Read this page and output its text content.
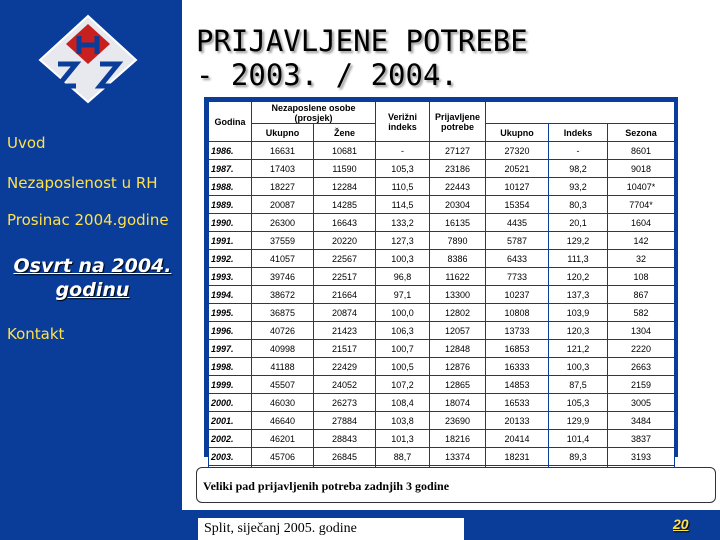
Uvod
Nezaposlenost u RH
Prosinac 2004.godine
Osvrt na 2004. godinu
Kontakt
PRIJAVLJENE POTREBE
- 2003. / 2004.
Godina	Nezaposlene osobe (prosjek)		Verižni indeks	Prijavljene potrebe			
	Ukupno	Žene			Ukupno	Indeks	Sezona
1986.	16631	10681	-	27127	27320	-	8601
1987.	17403	11590	105,3	23186	20521	98,2	9018
1988.	18227	12284	110,5	22443	10127	93,2	10407*
1989.	20087	14285	114,5	20304	15354	80,3	7704*
1990.	26300	16643	133,2	16135	4435	20,1	1604
1991.	37559	20220	127,3	7890	5787	129,2	142
1992.	41057	22567	100,3	8386	6433	111,3	32
1993.	39746	22517	96,8	11622	7733	120,2	108
1994.	38672	21664	97,1	13300	10237	137,3	867
1995.	36875	20874	100,0	12802	10808	103,9	582
1996.	40726	21423	106,3	12057	13733	120,3	1304
1997.	40998	21517	100,7	12848	16853	121,2	2220
1998.	41188	22429	100,5	12876	16333	100,3	2663
1999.	45507	24052	107,2	12865	14853	87,5	2159
2000.	46030	26273	108,4	18074	16533	105,3	3005
2001.	46640	27884	103,8	23690	20133	129,9	3484
2002.	46201	28843	101,3	18216	20414	101,4	3837
2003.	45706	26845	88,7	13374	18231	89,3	3193

Veliki pad prijavljenih potreba zadnjih 3 godine
Split, siječanj 2005. godine	20
